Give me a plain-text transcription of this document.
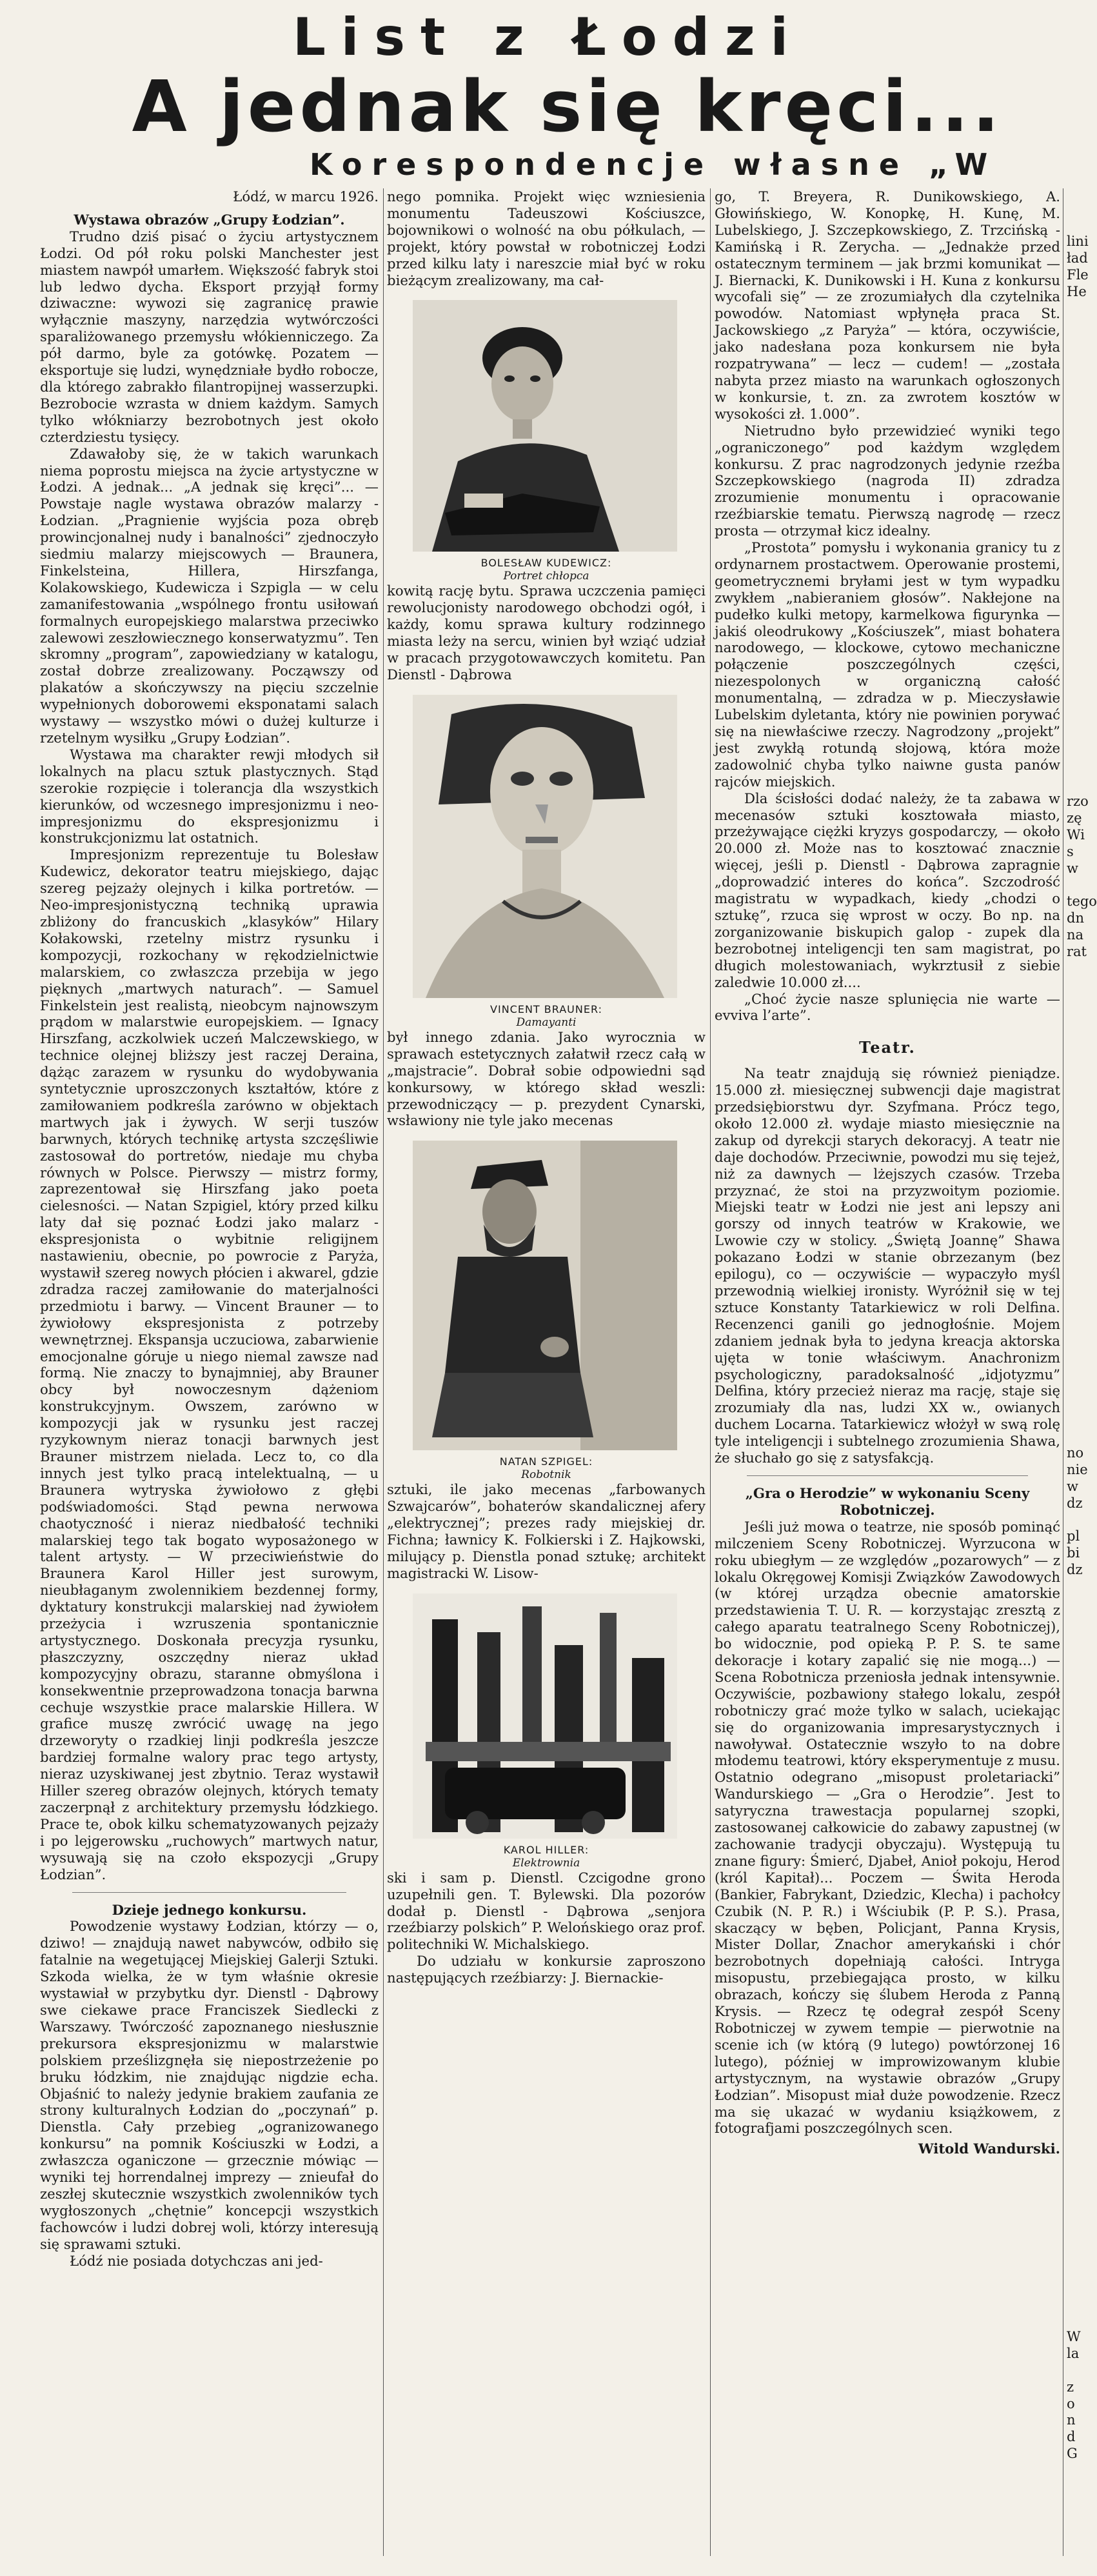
List z Łodzi
A jednak się kręci...
Korespondencje własne „W
Łódź, w marcu 1926.

Wystawa obrazów „Grupy Łodzian”.

Trudno dziś pisać o życiu artystycznem Łodzi. Od pół roku polski Manchester jest miastem nawpół umarłem. Większość fabryk stoi lub ledwo dycha. Eksport przyjął formy dziwaczne: wywozi się zagranicę prawie wyłącznie maszyny, narzędzia wytwórczości sparaliżowanego przemysłu włókienniczego. Za pół darmo, byle za gotówkę. Pozatem — eksportuje się ludzi, wynędzniałe bydło robocze, dla którego zabrakło filantropijnej wasserzupki. Bezrobocie wzrasta w dniem każdym. Samych tylko włókniarzy bezrobotnych jest około czterdziestu tysięcy.

Zdawałoby się, że w takich warunkach niema poprostu miejsca na życie artystyczne w Łodzi. A jednak... „A jednak się kręci”... — Powstaje nagle wystawa obrazów malarzy - Łodzian. „Pragnienie wyjścia poza obręb prowincjonalnej nudy i banalności” zjednoczyło siedmiu malarzy miejscowych — Braunera, Finkelsteina, Hillera, Hirszfanga, Kolakowskiego, Kudewicza i Szpigla — w celu zamanifestowania „wspólnego frontu usiłowań formalnych europejskiego malarstwa przeciwko zalewowi zeszłowiecznego konserwatyzmu”. Ten skromny „program”, zapowiedziany w katalogu, został dobrze zrealizowany. Począwszy od plakatów a skończywszy na pięciu szczelnie wypełnionych doborowemi eksponatami salach wystawy — wszystko mówi o dużej kulturze i rzetelnym wysiłku „Grupy Łodzian”.

Wystawa ma charakter rewji młodych sił lokalnych na placu sztuk plastycznych. Stąd szerokie rozpięcie i tolerancja dla wszystkich kierunków, od wczesnego impresjonizmu i neo-impresjonizmu do ekspresjonizmu i konstrukcjonizmu lat ostatnich.

Impresjonizm reprezentuje tu Bolesław Kudewicz, dekorator teatru miejskiego, dając szereg pejzaży olejnych i kilka portretów. — Neo-impresjonistyczną techniką uprawia zbliżony do francuskich „klasyków” Hilary Kołakowski, rzetelny mistrz rysunku i kompozycji, rozkochany w rękodzielnictwie malarskiem, co zwłaszcza przebija w jego pięknych „martwych naturach”. — Samuel Finkelstein jest realistą, nieobcym najnowszym prądom w malarstwie europejskiem. — Ignacy Hirszfang, aczkolwiek uczeń Malczewskiego, w technice olejnej bliższy jest raczej Deraina, dążąc zarazem w rysunku do wydobywania syntetycznie uproszczonych kształtów, które z zamiłowaniem podkreśla zarówno w objektach martwych jak i żywych. W serji tuszów barwnych, których technikę artysta szczęśliwie zastosował do portretów, niedaje mu chyba równych w Polsce. Pierwszy — mistrz formy, zaprezentował się Hirszfang jako poeta cielesności. — Natan Szpigiel, który przed kilku laty dał się poznać Łodzi jako malarz - ekspresjonista o wybitnie religijnem nastawieniu, obecnie, po powrocie z Paryża, wystawił szereg nowych płócien i akwarel, gdzie zdradza raczej zamiłowanie do materjalności przedmiotu i barwy. — Vincent Brauner — to żywiołowy ekspresjonista z potrzeby wewnętrznej. Ekspansja uczuciowa, zabarwienie emocjonalne góruje u niego niemal zawsze nad formą. Nie znaczy to bynajmniej, aby Brauner obcy był nowoczesnym dążeniom konstrukcyjnym. Owszem, zarówno w kompozycji jak w rysunku jest raczej ryzykownym nieraz tonacji barwnych jest Brauner mistrzem nielada. Lecz to, co dla innych jest tylko pracą intelektualną, — u Braunera wytryska żywiołowo z głębi podświadomości. Stąd pewna nerwowa chaotyczność i nieraz niedbałość techniki malarskiej tego tak bogato wyposażonego w talent artysty. — W przeciwieństwie do Braunera Karol Hiller jest surowym, nieubłaganym zwolennikiem bezdennej formy, dyktatury konstrukcji malarskiej nad żywiołem przeżycia i wzruszenia spontanicznie artystycznego. Doskonała precyzja rysunku, płaszczyzny, oszczędny nieraz układ kompozycyjny obrazu, staranne obmyślona i konsekwentnie przeprowadzona tonacja barwna cechuje wszystkie prace malarskie Hillera. W grafice muszę zwrócić uwagę na jego drzeworyty o rzadkiej linji podkreśla jeszcze bardziej formalne walory prac tego artysty, nieraz uzyskiwanej jest zbytnio. Teraz wystawił Hiller szereg obrazów olejnych, których tematy zaczerpnął z architektury przemysłu łódzkiego. Prace te, obok kilku schematyzowanych pejzaży i po lejgerowsku „ruchowych” martwych natur, wysuwają się na czoło ekspozycji „Grupy Łodzian”.

Dzieje jednego konkursu.

Powodzenie wystawy Łodzian, którzy — o, dziwo! — znajdują nawet nabywców, odbiło się fatalnie na wegetującej Miejskiej Galerji Sztuki. Szkoda wielka, że w tym właśnie okresie wystawiał w przybytku dyr. Dienstl - Dąbrowy swe ciekawe prace Franciszek Siedlecki z Warszawy. Twórczość zapoznanego niesłusznie prekursora ekspresjonizmu w malarstwie polskiem prześlizgnęła się niepostrzeżenie po bruku łódzkim, nie znajdując nigdzie echa. Objaśnić to należy jedynie brakiem zaufania ze strony kulturalnych Łodzian do „poczynań” p. Dienstla. Cały przebieg „ogranizowanego konkursu” na pomnik Kościuszki w Łodzi, a zwłaszcza oganiczone — grzecznie mówiąc — wyniki tej horrendalnej imprezy — znieufał do zeszłej skutecznie wszystkich zwolenników tych wygłoszonych „chętnie” koncepcji wszystkich fachowców i ludzi dobrej woli, którzy interesują się sprawami sztuki.

Łódź nie posiada dotychczas ani jed-

nego pomnika. Projekt więc wzniesienia monumentu Tadeuszowi Kościuszce, bojownikowi o wolność na obu półkulach, — projekt, który powstał w robotniczej Łodzi przed kilku laty i nareszcie miał być w roku bieżącym zrealizowany, ma cał-

BOLESŁAW KUDEWICZ:
Portret chłopca

kowitą rację bytu. Sprawa uczczenia pamięci rewolucjonisty narodowego obchodzi ogół, i każdy, komu sprawa kultury rodzinnego miasta leży na sercu, winien był wziąć udział w pracach przygotowawczych komitetu. Pan Dienstl - Dąbrowa

VINCENT BRAUNER:
Damayanti

był innego zdania. Jako wyrocznia w sprawach estetycznych załatwił rzecz całą w „majstracie”. Dobrał sobie odpowiedni sąd konkursowy, w którego skład weszli: przewodniczący — p. prezydent Cynarski, wsławiony nie tyle jako mecenas

NATAN SZPIGEL:
Robotnik

sztuki, ile jako mecenas „farbowanych Szwajcarów”, bohaterów skandalicznej afery „elektrycznej”; prezes rady miejskiej dr. Fichna; ławnicy K. Folkierski i Z. Hajkowski, milujący p. Dienstla ponad sztukę; architekt magistracki W. Lisow-

KAROL HILLER:
Elektrownia

ski i sam p. Dienstl. Czcigodne grono uzupełnili gen. T. Bylewski. Dla pozorów dodał p. Dienstl - Dąbrowa „senjora rzeźbiarzy polskich” P. Welońskiego oraz prof. politechniki W. Michalskiego.

Do udziału w konkursie zaproszono następujących rzeźbiarzy: J. Biernackie-

go, T. Breyera, R. Dunikowskiego, A. Głowińskiego, W. Konopkę, H. Kunę, M. Lubelskiego, J. Szczepkowskiego, Z. Trzcińską - Kamińską i R. Zerycha. — „Jednakże przed ostatecznym terminem — jak brzmi komunikat — J. Biernacki, K. Dunikowski i H. Kuna z konkursu wycofali się” — ze zrozumiałych dla czytelnika powodów. Natomiast wpłynęła praca St. Jackowskiego „z Paryża” — która, oczywiście, jako nadesłana poza konkursem nie była rozpatrywana” — lecz — cudem! — „została nabyta przez miasto na warunkach ogłoszonych w konkursie, t. zn. za zwrotem kosztów w wysokości zł. 1.000”.

Nietrudno było przewidzieć wyniki tego „ograniczonego” pod każdym względem konkursu. Z prac nagrodzonych jedynie rzeźba Szczepkowskiego (nagroda II) zdradza zrozumienie monumentu i opracowanie rzeźbiarskie tematu. Pierwszą nagrodę — rzecz prosta — otrzymał kicz idealny.

„Prostota” pomysłu i wykonania granicy tu z ordynarnem prostactwem. Operowanie prostemi, geometrycznemi bryłami jest w tym wypadku zwykłem „nabieraniem głosów”. Nakłejone na pudełko kulki metopy, karmelkowa figurynka — jakiś oleodrukowy „Kościuszek”, miast bohatera narodowego, — klockowe, cytowo mechaniczne połączenie poszczególnych części, niezespolonych w organiczną całość monumentalną, — zdradza w p. Mieczysławie Lubelskim dyletanta, który nie powinien porywać się na niewłaściwe rzeczy. Nagrodzony „projekt” jest zwykłą rotundą słojową, która może zadowolnić chyba tylko naiwne gusta panów rajców miejskich.

Dla ścisłości dodać należy, że ta zabawa w mecenasów sztuki kosztowała miasto, przeżywające ciężki kryzys gospodarczy, — około 20.000 zł. Może nas to kosztować znacznie więcej, jeśli p. Dienstl - Dąbrowa zapragnie „doprowadzić interes do końca”. Szczodrość magistratu w wypadkach, kiedy „chodzi o sztukę”, rzuca się wprost w oczy. Bo np. na zorganizowanie biskupich galop - zupek dla bezrobotnej inteligencji ten sam magistrat, po długich molestowaniach, wykrztusił z siebie zaledwie 10.000 zł....

„Choć życie nasze splunięcia nie warte — evviva l’arte”.

Teatr.

Na teatr znajdują się również pieniądze. 15.000 zł. miesięcznej subwencji daje magistrat przedsiębiorstwu dyr. Szyfmana. Prócz tego, około 12.000 zł. wydaje miasto miesięcznie na zakup od dyrekcji starych dekoracyj. A teatr nie daje dochodów. Przeciwnie, powodzi mu się tejeż, niż za dawnych — lżejszych czasów. Trzeba przyznać, że stoi na przyzwoitym poziomie. Miejski teatr w Łodzi nie jest ani lepszy ani gorszy od innych teatrów w Krakowie, we Lwowie czy w stolicy. „Świętą Joannę” Shawa pokazano Łodzi w stanie obrzezanym (bez epilogu), co — oczywiście — wypaczyło myśl przewodnią wielkiej ironisty. Wyróżnił się w tej sztuce Konstanty Tatarkiewicz w roli Delfina. Recenzenci ganili go jednogłośnie. Mojem zdaniem jednak była to jedyna kreacja aktorska ujęta w tonie właściwym. Anachronizm psychologiczny, paradoksalność „idjotyzmu” Delfina, który przecież nieraz ma rację, staje się zrozumiały dla nas, ludzi XX w., owianych duchem Locarna. Tatarkiewicz włożył w swą rolę tyle inteligencji i subtelnego zrozumienia Shawa, że słuchało go się z satysfakcją.

„Gra o Herodzie” w wykonaniu Sceny Robotniczej.

Jeśli już mowa o teatrze, nie sposób pominąć milczeniem Sceny Robotniczej. Wyrzucona w roku ubiegłym — ze względów „pozarowych” — z lokalu Okręgowej Komisji Związków Zawodowych (w której urządza obecnie amatorskie przedstawienia T. U. R. — korzystając zresztą z całego aparatu teatralnego Sceny Robotniczej), bo widocznie, pod opieką P. P. S. te same dekoracje i kotary zapalić się nie mogą...) — Scena Robotnicza przeniosła jednak intensywnie. Oczywiście, pozbawiony stałego lokalu, zespół robotniczy grać może tylko w salach, uciekając się do organizowania impresarystycznych i nawoływał. Ostatecznie wszyło to na dobre młodemu teatrowi, który eksperymentuje z musu. Ostatnio odegrano „misopust proletariacki” Wandurskiego — „Gra o Herodzie”. Jest to satyryczna trawestacja popularnej szopki, zastosowanej całkowicie do zabawy zapustnej (w zachowanie tradycji obyczaju). Występują tu znane figury: Śmierć, Djabeł, Anioł pokoju, Herod (król Kapitał)... Poczem — Świta Heroda (Bankier, Fabrykant, Dziedzic, Klecha) i pachołcy Czubik (N. P. R.) i Wściubik (P. P. S.). Prasa, skaczący w bęben, Policjant, Panna Krysis, Mister Dollar, Znachor amerykański i chór bezrobotnych dopełniają całości. Intryga misopustu, przebiegająca prosto, w kilku obrazach, kończy się ślubem Heroda z Panną Krysis. — Rzecz tę odegrał zespół Sceny Robotniczej w zywem tempie — pierwotnie na scenie ich (w którą (9 lutego) powtórzonej 16 lutego), później w improwizowanym klubie artystycznym, na wystawie obrazów „Grupy Łodzian”. Misopust miał duże powodzenie. Rzecz ma się ukazać w wydaniu książkowem, z fotografjami poszczególnych scen.

Witold Wandurski.
lini
ład
Fle
He
rzo
zę
Wi
s
w
tego
dn
na
rat
no
nie
w
dz
pl
bi
dz
W
la
z
o
n
d
G
